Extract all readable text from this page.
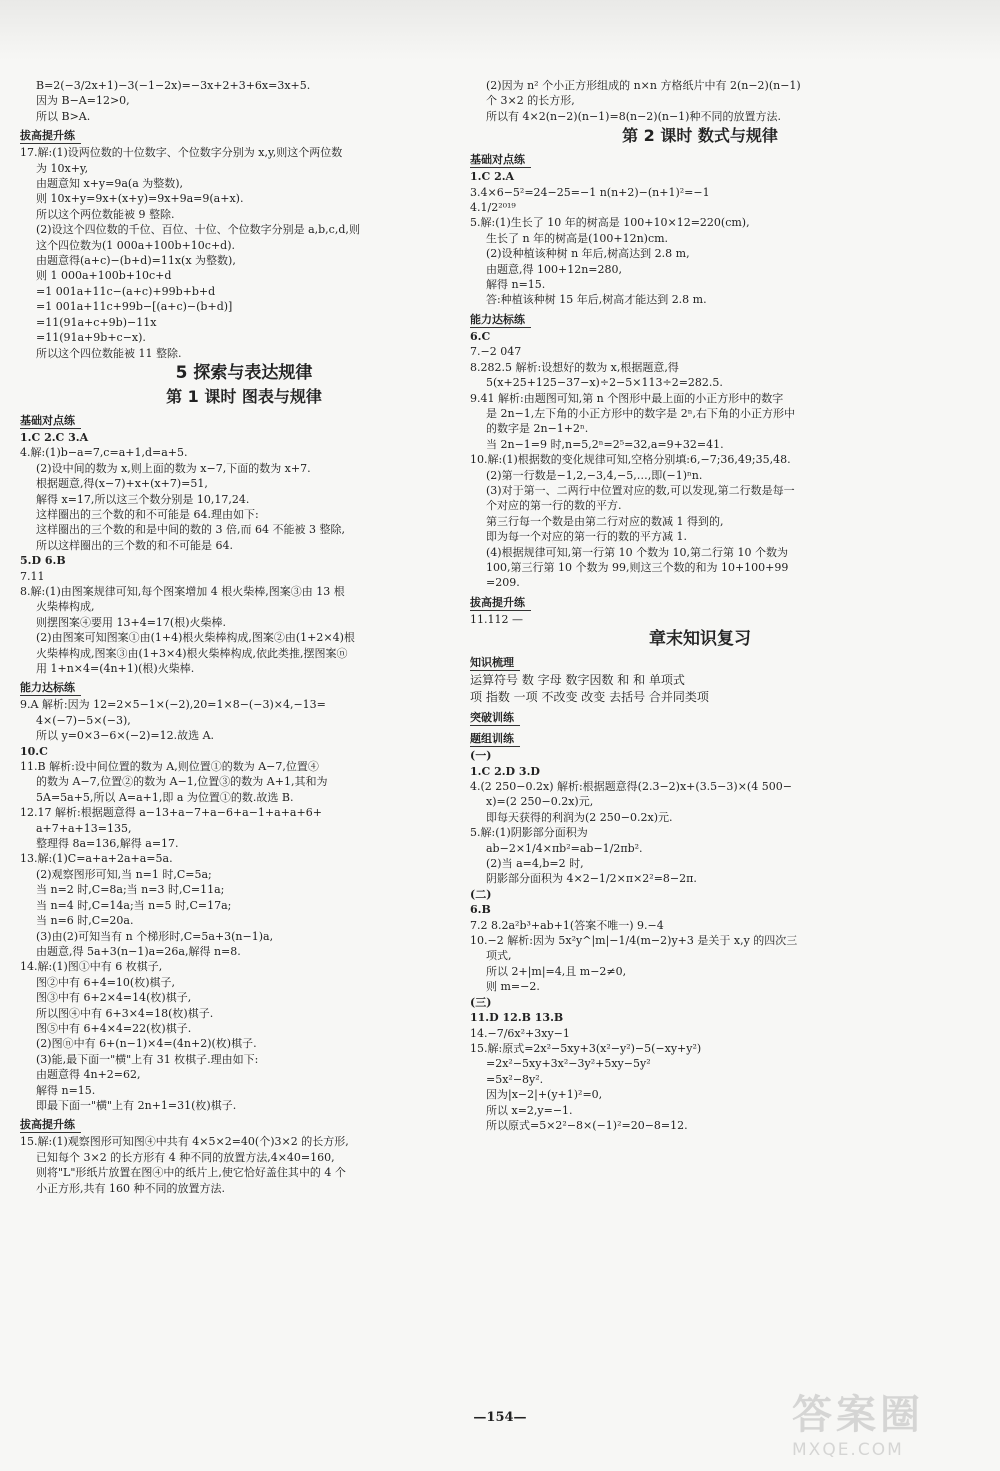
B=2(−3/2x+1)−3(−1−2x)=−3x+2+3+6x=3x+5.
因为 B−A=12>0,
所以 B>A.
拔高提升练
17.解:(1)设两位数的十位数字、个位数字分别为 x,y,则这个两位数
为 10x+y,
由题意知 x+y=9a(a 为整数),
则 10x+y=9x+(x+y)=9x+9a=9(a+x).
所以这个两位数能被 9 整除.
(2)设这个四位数的千位、百位、十位、个位数字分别是 a,b,c,d,则
这个四位数为(1 000a+100b+10c+d).
由题意得(a+c)−(b+d)=11x(x 为整数),
则 1 000a+100b+10c+d
=1 001a+11c−(a+c)+99b+b+d
=1 001a+11c+99b−[(a+c)−(b+d)]
=11(91a+c+9b)−11x
=11(91a+9b+c−x).
所以这个四位数能被 11 整除.
5 探索与表达规律
第 1 课时 图表与规律
基础对点练
1.C 2.C 3.A
4.解:(1)b−a=7,c=a+1,d=a+5.
(2)设中间的数为 x,则上面的数为 x−7,下面的数为 x+7.
根据题意,得(x−7)+x+(x+7)=51,
解得 x=17,所以这三个数分别是 10,17,24.
这样圈出的三个数的和不可能是 64.理由如下:
这样圈出的三个数的和是中间的数的 3 倍,而 64 不能被 3 整除,
所以这样圈出的三个数的和不可能是 64.
5.D 6.B
7.11
8.解:(1)由图案规律可知,每个图案增加 4 根火柴棒,图案③由 13 根
火柴棒构成,
则摆图案④要用 13+4=17(根)火柴棒.
(2)由图案可知图案①由(1+4)根火柴棒构成,图案②由(1+2×4)根
火柴棒构成,图案③由(1+3×4)根火柴棒构成,依此类推,摆图案ⓝ
用 1+n×4=(4n+1)(根)火柴棒.
能力达标练
9.A 解析:因为 12=2×5−1×(−2),20=1×8−(−3)×4,−13=
4×(−7)−5×(−3),
所以 y=0×3−6×(−2)=12.故选 A.
10.C
11.B 解析:设中间位置的数为 A,则位置①的数为 A−7,位置④
的数为 A−7,位置②的数为 A−1,位置③的数为 A+1,其和为
5A=5a+5,所以 A=a+1,即 a 为位置①的数.故选 B.
12.17 解析:根据题意得 a−13+a−7+a−6+a−1+a+a+6+
a+7+a+13=135,
整理得 8a=136,解得 a=17.
13.解:(1)C=a+a+2a+a=5a.
(2)观察图形可知,当 n=1 时,C=5a;
当 n=2 时,C=8a;当 n=3 时,C=11a;
当 n=4 时,C=14a;当 n=5 时,C=17a;
当 n=6 时,C=20a.
(3)由(2)可知当有 n 个梯形时,C=5a+3(n−1)a,
由题意,得 5a+3(n−1)a=26a,解得 n=8.
14.解:(1)图①中有 6 枚棋子,
图②中有 6+4=10(枚)棋子,
图③中有 6+2×4=14(枚)棋子,
所以图④中有 6+3×4=18(枚)棋子.
图⑤中有 6+4×4=22(枚)棋子.
(2)图ⓝ中有 6+(n−1)×4=(4n+2)(枚)棋子.
(3)能,最下面一"横"上有 31 枚棋子.理由如下:
由题意得 4n+2=62,
解得 n=15.
即最下面一"横"上有 2n+1=31(枚)棋子.
拔高提升练
15.解:(1)观察图形可知图④中共有 4×5×2=40(个)3×2 的长方形,
已知每个 3×2 的长方形有 4 种不同的放置方法,4×40=160,
则将"L"形纸片放置在图④中的纸片上,使它恰好盖住其中的 4 个
小正方形,共有 160 种不同的放置方法.
(2)因为 n² 个小正方形组成的 n×n 方格纸片中有 2(n−2)(n−1)
个 3×2 的长方形,
所以有 4×2(n−2)(n−1)=8(n−2)(n−1)种不同的放置方法.
第 2 课时 数式与规律
基础对点练
1.C 2.A
3.4×6−5²=24−25=−1 n(n+2)−(n+1)²=−1
4.1/2²⁰¹⁹
5.解:(1)生长了 10 年的树高是 100+10×12=220(cm),
生长了 n 年的树高是(100+12n)cm.
(2)设种植该种树 n 年后,树高达到 2.8 m,
由题意,得 100+12n=280,
解得 n=15.
答:种植该种树 15 年后,树高才能达到 2.8 m.
能力达标练
6.C
7.−2 047
8.282.5 解析:设想好的数为 x,根据题意,得
5(x+25+125−37−x)÷2−5×113÷2=282.5.
9.41 解析:由题图可知,第 n 个图形中最上面的小正方形中的数字
是 2n−1,左下角的小正方形中的数字是 2ⁿ,右下角的小正方形中
的数字是 2n−1+2ⁿ.
当 2n−1=9 时,n=5,2ⁿ=2⁵=32,a=9+32=41.
10.解:(1)根据数的变化规律可知,空格分别填:6,−7;36,49;35,48.
(2)第一行数是−1,2,−3,4,−5,…,即(−1)ⁿn.
(3)对于第一、二两行中位置对应的数,可以发现,第二行数是每一
个对应的第一行的数的平方.
第三行每一个数是由第二行对应的数减 1 得到的,
即为每一个对应的第一行的数的平方减 1.
(4)根据规律可知,第一行第 10 个数为 10,第二行第 10 个数为
100,第三行第 10 个数为 99,则这三个数的和为 10+100+99
=209.
拔高提升练
11.112 —
章末知识复习
知识梳理
运算符号 数 字母 数字因数 和 和 单项式
项 指数 一项 不改变 改变 去括号 合并同类项
突破训练
题组训练
(一)
1.C 2.D 3.D
4.(2 250−0.2x) 解析:根据题意得(2.3−2)x+(3.5−3)×(4 500−
x)=(2 250−0.2x)元,
即每天获得的利润为(2 250−0.2x)元.
5.解:(1)阴影部分面积为
ab−2×1/4×πb²=ab−1/2πb².
(2)当 a=4,b=2 时,
阴影部分面积为 4×2−1/2×π×2²=8−2π.
(二)
6.B
7.2 8.2a²b³+ab+1(答案不唯一) 9.−4
10.−2 解析:因为 5x²y^|m|−1/4(m−2)y+3 是关于 x,y 的四次三
项式,
所以 2+|m|=4,且 m−2≠0,
则 m=−2.
(三)
11.D 12.B 13.B
14.−7/6x²+3xy−1
15.解:原式=2x²−5xy+3(x²−y²)−5(−xy+y²)
=2x²−5xy+3x²−3y²+5xy−5y²
=5x²−8y².
因为|x−2|+(y+1)²=0,
所以 x=2,y=−1.
所以原式=5×2²−8×(−1)²=20−8=12.
—154—	答案圈
MXQE.COM
